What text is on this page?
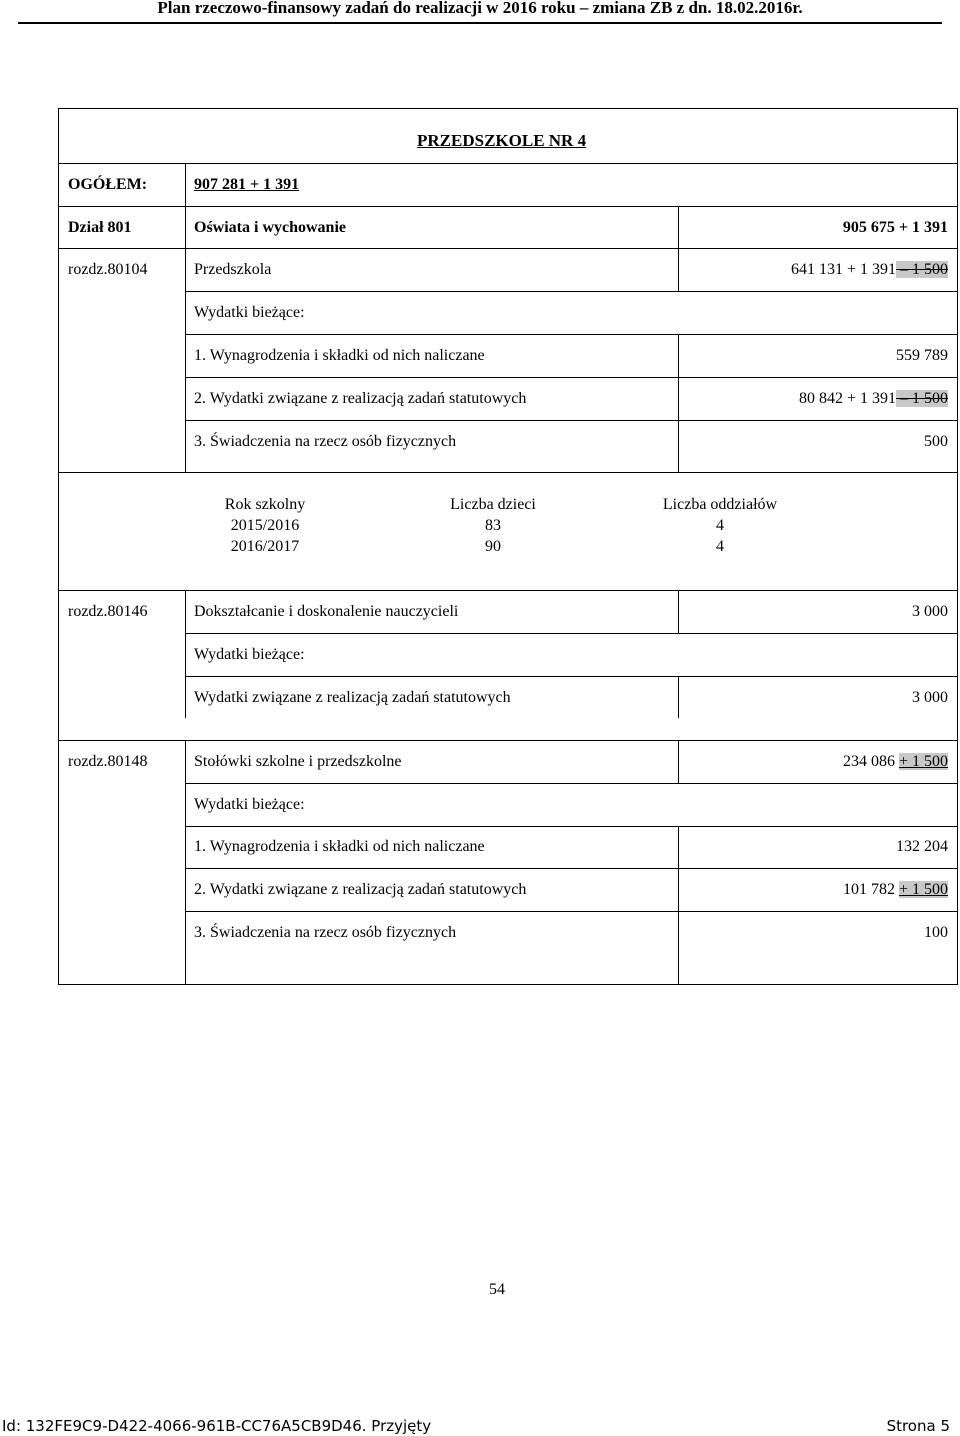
Plan rzeczowo-finansowy zadań do realizacji w 2016 roku – zmiana ZB z dn. 18.02.2016r.
PRZEDSZKOLE NR 4
OGÓŁEM:	907 281 + 1 391
Dział 801	Oświata i wychowanie	905 675 + 1 391
rozdz.80104	Przedszkola	641 131 + 1 391 – 1 500
Wydatki bieżące:
1. Wynagrodzenia i składki od nich naliczane	559 789
2. Wydatki związane z realizacją zadań statutowych	80 842 + 1 391 – 1 500
3. Świadczenia na rzecz osób fizycznych	500
Rok szkolny	Liczba dzieci	Liczba oddziałów
2015/2016	83	4
2016/2017	90	4
rozdz.80146	Dokształcanie i doskonalenie nauczycieli	3 000
Wydatki bieżące:
Wydatki związane z realizacją zadań statutowych	3 000
rozdz.80148	Stołówki szkolne i przedszkolne	234 086 + 1 500
Wydatki bieżące:
1. Wynagrodzenia i składki od nich naliczane	132 204
2. Wydatki związane z realizacją zadań statutowych	101 782 + 1 500
3. Świadczenia na rzecz osób fizycznych	100
54
Id: 132FE9C9-D422-4066-961B-CC76A5CB9D46. Przyjęty	Strona 5
